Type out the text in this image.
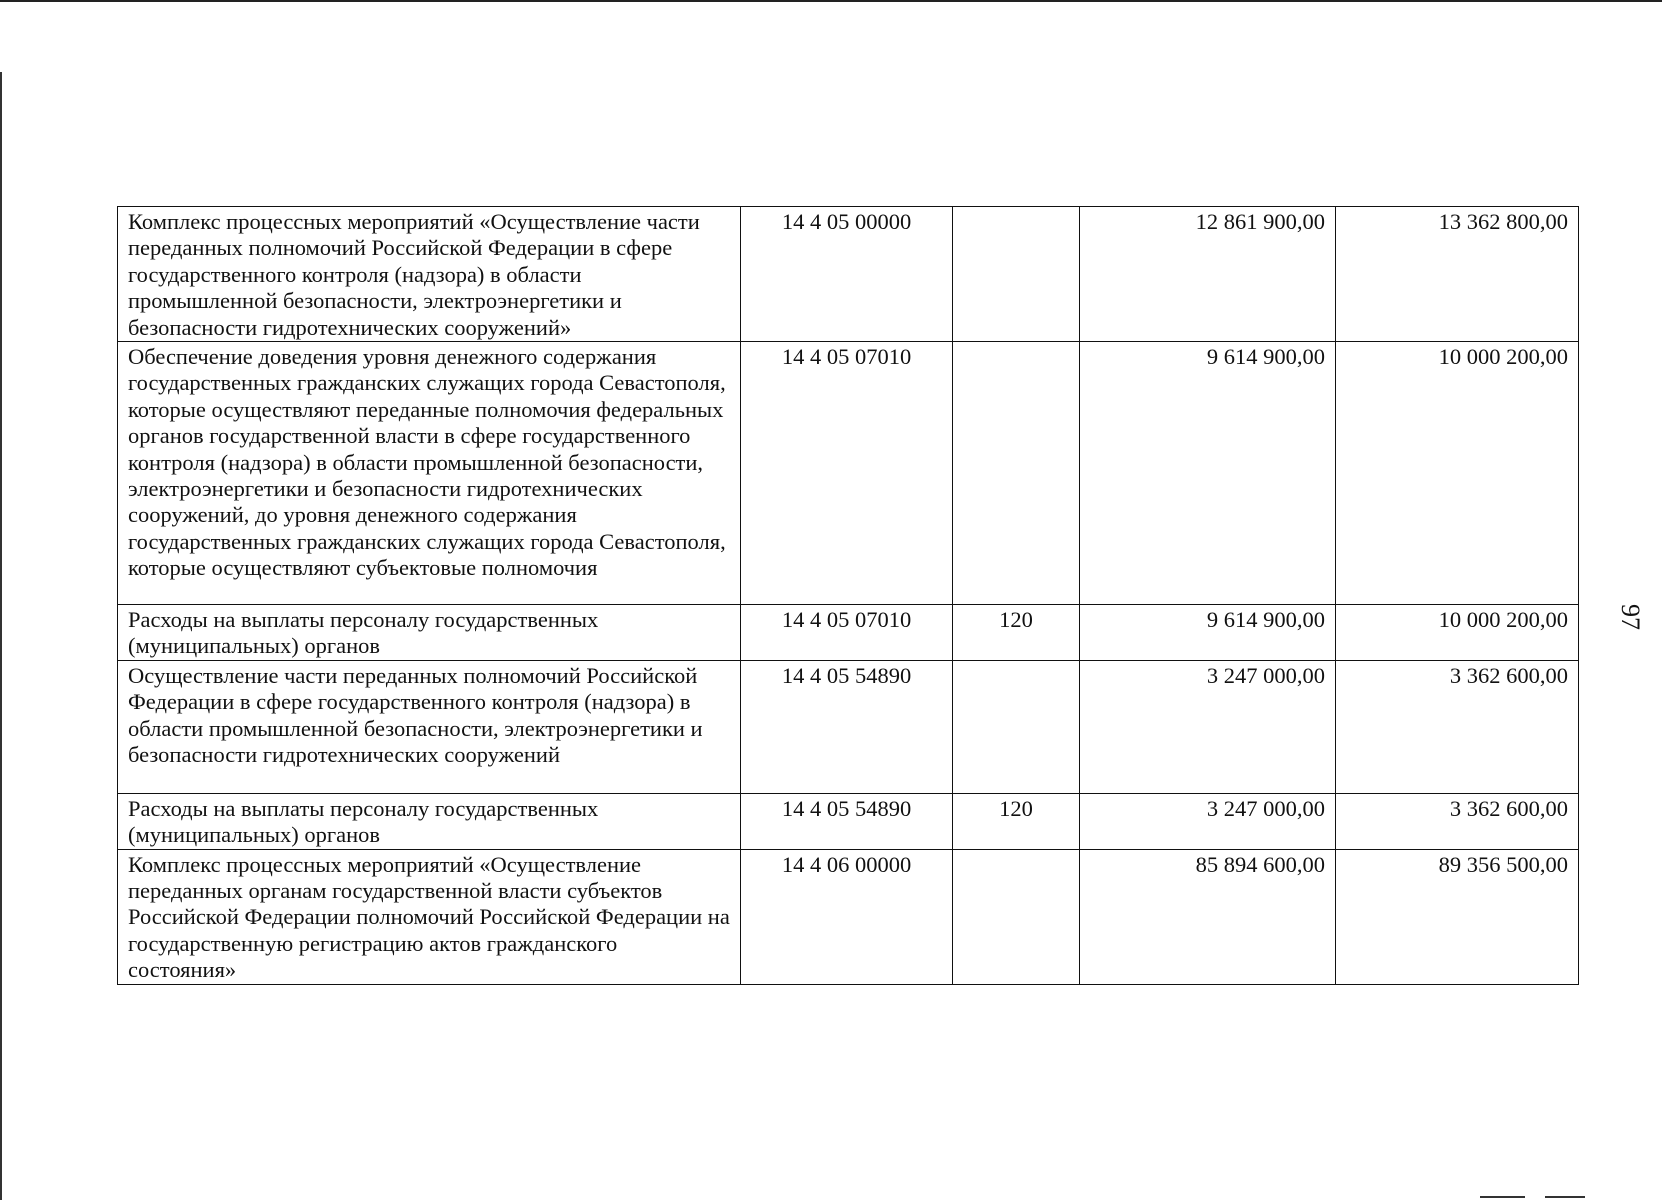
Комплекс процессных мероприятий «Осуществление части переданных полномочий Российской Федерации в сфере государственного контроля (надзора) в области промышленной безопасности, электроэнергетики и безопасности гидротехнических сооружений»	14 4 05 00000		12 861 900,00	13 362 800,00
Обеспечение доведения уровня денежного содержания государственных гражданских служащих города Севастополя, которые осуществляют переданные полномочия федеральных органов государственной власти в сфере государственного контроля (надзора) в области промышленной безопасности, электроэнергетики и безопасности гидротехнических сооружений, до уровня денежного содержания государственных гражданских служащих города Севастополя, которые осуществляют субъектовые полномочия	14 4 05 07010		9 614 900,00	10 000 200,00
Расходы на выплаты персоналу государственных (муниципальных) органов	14 4 05 07010	120	9 614 900,00	10 000 200,00
Осуществление части переданных полномочий Российской Федерации в сфере государственного контроля (надзора) в области промышленной безопасности, электроэнергетики и безопасности гидротехнических сооружений	14 4 05 54890		3 247 000,00	3 362 600,00
Расходы на выплаты персоналу государственных (муниципальных) органов	14 4 05 54890	120	3 247 000,00	3 362 600,00
Комплекс процессных мероприятий «Осуществление переданных органам государственной власти субъектов Российской Федерации полномочий Российской Федерации на государственную регистрацию актов гражданского состояния»	14 4 06 00000		85 894 600,00	89 356 500,00
97
